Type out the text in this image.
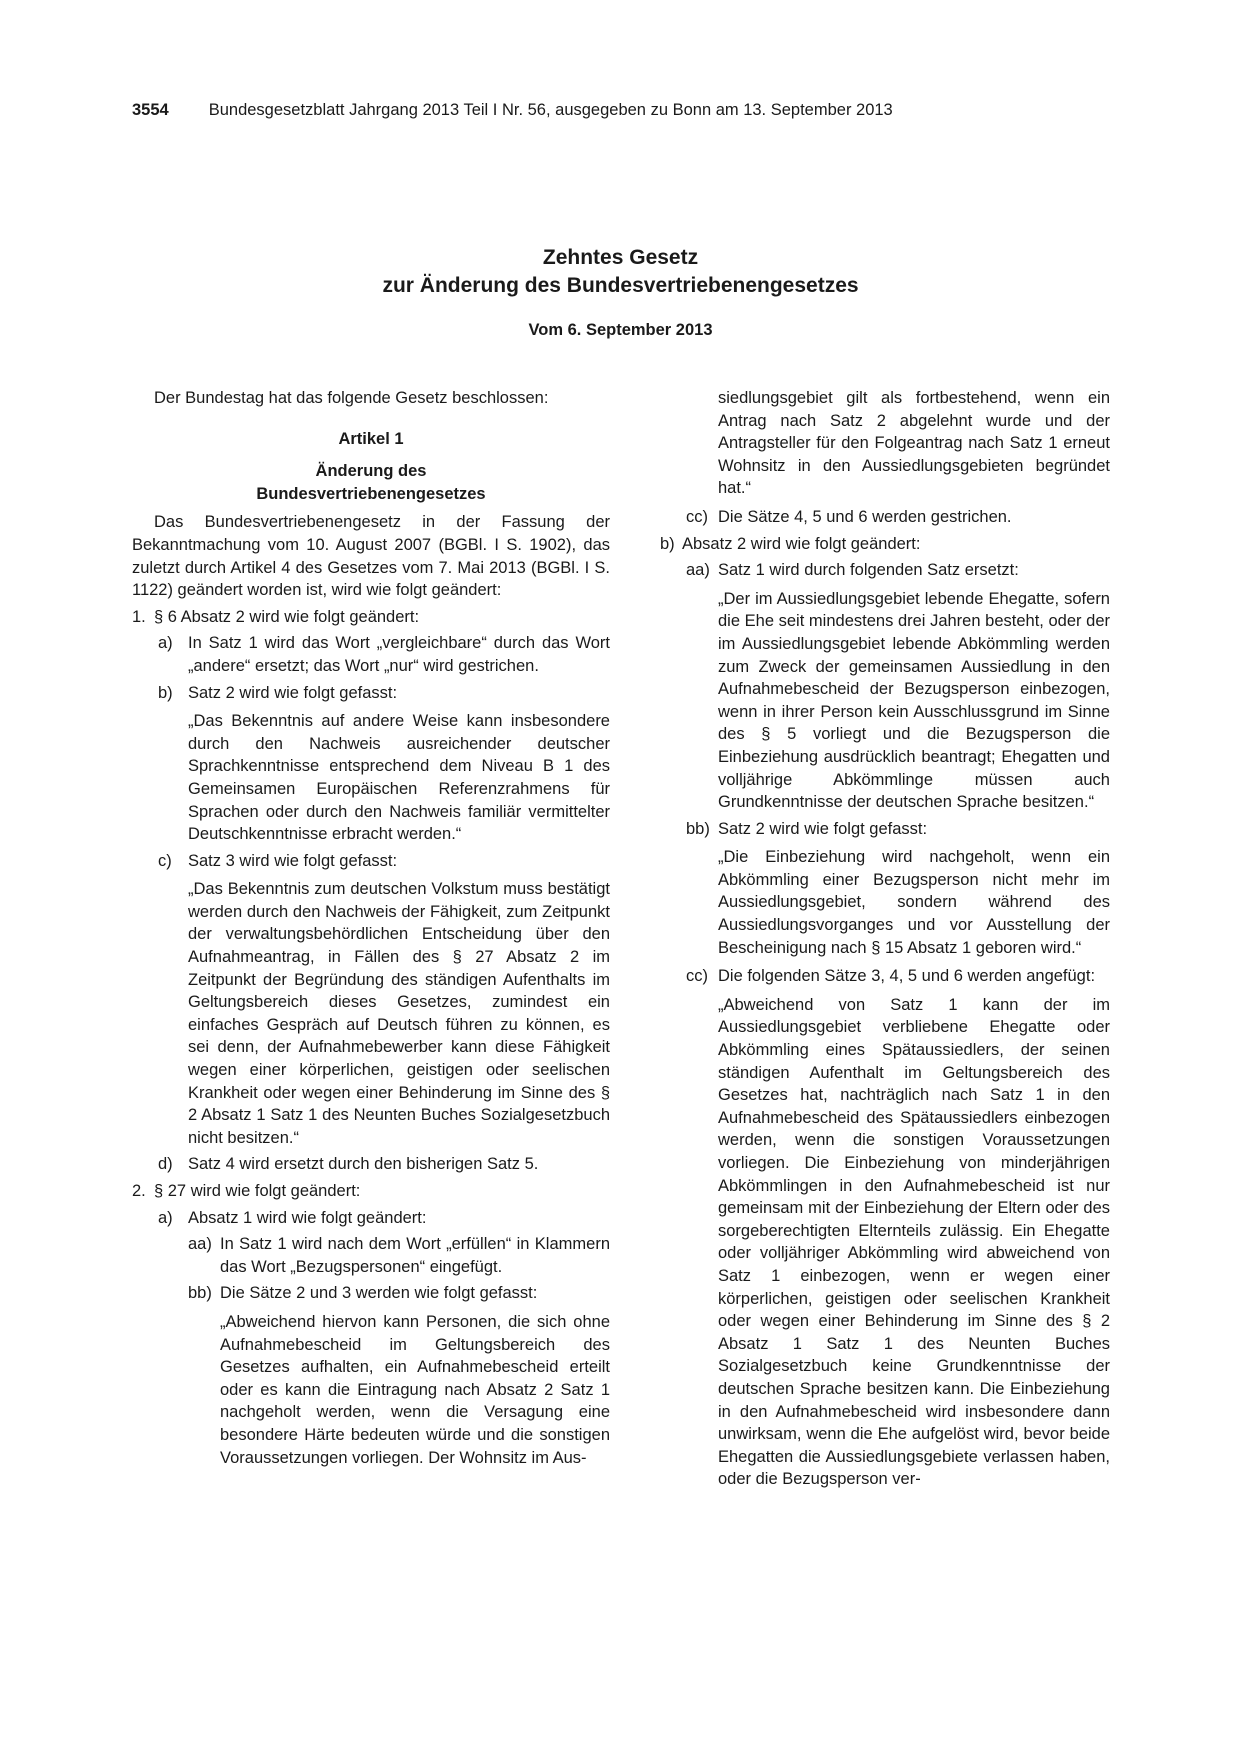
3554 Bundesgesetzblatt Jahrgang 2013 Teil I Nr. 56, ausgegeben zu Bonn am 13. September 2013
Zehntes Gesetz
zur Änderung des Bundesvertriebenengesetzes
Vom 6. September 2013

Der Bundestag hat das folgende Gesetz beschlossen:

Artikel 1

Änderung des

Bundesvertriebenengesetzes

Das Bundesvertriebenengesetz in der Fassung der Bekanntmachung vom 10. August 2007 (BGBl. I S. 1902), das zuletzt durch Artikel 4 des Gesetzes vom 7. Mai 2013 (BGBl. I S. 1122) geändert worden ist, wird wie folgt geändert:

1. § 6 Absatz 2 wird wie folgt geändert:

a) In Satz 1 wird das Wort „vergleichbare“ durch das Wort „andere“ ersetzt; das Wort „nur“ wird gestrichen.

b) Satz 2 wird wie folgt gefasst:

„Das Bekenntnis auf andere Weise kann insbesondere durch den Nachweis ausreichender deutscher Sprachkenntnisse entsprechend dem Niveau B 1 des Gemeinsamen Europäischen Referenzrahmens für Sprachen oder durch den Nachweis familiär vermittelter Deutschkenntnisse erbracht werden.“

c) Satz 3 wird wie folgt gefasst:

„Das Bekenntnis zum deutschen Volkstum muss bestätigt werden durch den Nachweis der Fähigkeit, zum Zeitpunkt der verwaltungsbehördlichen Entscheidung über den Aufnahmeantrag, in Fällen des § 27 Absatz 2 im Zeitpunkt der Begründung des ständigen Aufenthalts im Geltungsbereich dieses Gesetzes, zumindest ein einfaches Gespräch auf Deutsch führen zu können, es sei denn, der Aufnahmebewerber kann diese Fähigkeit wegen einer körperlichen, geistigen oder seelischen Krankheit oder wegen einer Behinderung im Sinne des § 2 Absatz 1 Satz 1 des Neunten Buches Sozialgesetzbuch nicht besitzen.“

d) Satz 4 wird ersetzt durch den bisherigen Satz 5.

2. § 27 wird wie folgt geändert:

a) Absatz 1 wird wie folgt geändert:

aa) In Satz 1 wird nach dem Wort „erfüllen“ in Klammern das Wort „Bezugspersonen“ eingefügt.

bb) Die Sätze 2 und 3 werden wie folgt gefasst:

„Abweichend hiervon kann Personen, die sich ohne Aufnahmebescheid im Geltungsbereich des Gesetzes aufhalten, ein Aufnahmebescheid erteilt oder es kann die Eintragung nach Absatz 2 Satz 1 nachgeholt werden, wenn die Versagung eine besondere Härte bedeuten würde und die sonstigen Voraussetzungen vorliegen. Der Wohnsitz im Aus-

siedlungsgebiet gilt als fortbestehend, wenn ein Antrag nach Satz 2 abgelehnt wurde und der Antragsteller für den Folgeantrag nach Satz 1 erneut Wohnsitz in den Aussiedlungsgebieten begründet hat.“

cc) Die Sätze 4, 5 und 6 werden gestrichen.

b) Absatz 2 wird wie folgt geändert:

aa) Satz 1 wird durch folgenden Satz ersetzt:

„Der im Aussiedlungsgebiet lebende Ehegatte, sofern die Ehe seit mindestens drei Jahren besteht, oder der im Aussiedlungsgebiet lebende Abkömmling werden zum Zweck der gemeinsamen Aussiedlung in den Aufnahmebescheid der Bezugsperson einbezogen, wenn in ihrer Person kein Ausschlussgrund im Sinne des § 5 vorliegt und die Bezugsperson die Einbeziehung ausdrücklich beantragt; Ehegatten und volljährige Abkömmlinge müssen auch Grundkenntnisse der deutschen Sprache besitzen.“

bb) Satz 2 wird wie folgt gefasst:

„Die Einbeziehung wird nachgeholt, wenn ein Abkömmling einer Bezugsperson nicht mehr im Aussiedlungsgebiet, sondern während des Aussiedlungsvorganges und vor Ausstellung der Bescheinigung nach § 15 Absatz 1 geboren wird.“

cc) Die folgenden Sätze 3, 4, 5 und 6 werden angefügt:

„Abweichend von Satz 1 kann der im Aussiedlungsgebiet verbliebene Ehegatte oder Abkömmling eines Spätaussiedlers, der seinen ständigen Aufenthalt im Geltungsbereich des Gesetzes hat, nachträglich nach Satz 1 in den Aufnahmebescheid des Spätaussiedlers einbezogen werden, wenn die sonstigen Voraussetzungen vorliegen. Die Einbeziehung von minderjährigen Abkömmlingen in den Aufnahmebescheid ist nur gemeinsam mit der Einbeziehung der Eltern oder des sorgeberechtigten Elternteils zulässig. Ein Ehegatte oder volljähriger Abkömmling wird abweichend von Satz 1 einbezogen, wenn er wegen einer körperlichen, geistigen oder seelischen Krankheit oder wegen einer Behinderung im Sinne des § 2 Absatz 1 Satz 1 des Neunten Buches Sozialgesetzbuch keine Grundkenntnisse der deutschen Sprache besitzen kann. Die Einbeziehung in den Aufnahmebescheid wird insbesondere dann unwirksam, wenn die Ehe aufgelöst wird, bevor beide Ehegatten die Aussiedlungsgebiete verlassen haben, oder die Bezugsperson ver-
